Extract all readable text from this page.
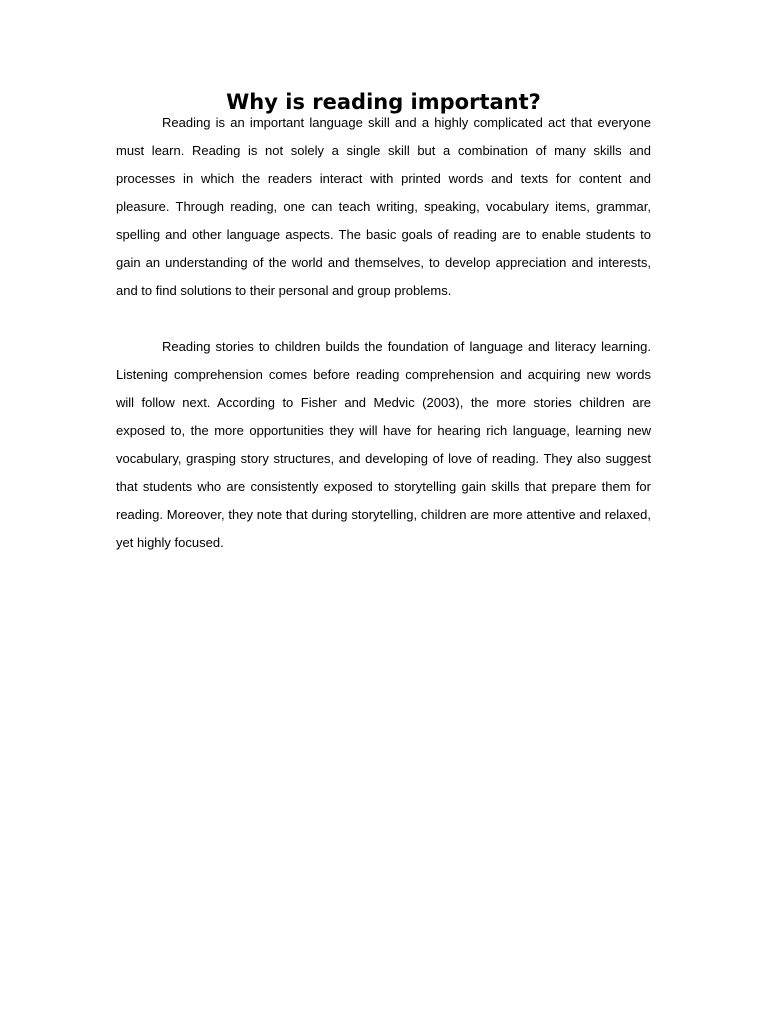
Why is reading important?

Reading is an important language skill and a highly complicated act that everyone must learn. Reading is not solely a single skill but a combination of many skills and processes in which the readers interact with printed words and texts for content and pleasure. Through reading, one can teach writing, speaking, vocabulary items, grammar, spelling and other language aspects. The basic goals of reading are to enable students to gain an understanding of the world and themselves, to develop appreciation and interests, and to find solutions to their personal and group problems.

Reading stories to children builds the foundation of language and literacy learning. Listening comprehension comes before reading comprehension and acquiring new words will follow next. According to Fisher and Medvic (2003), the more stories children are exposed to, the more opportunities they will have for hearing rich language, learning new vocabulary, grasping story structures, and developing of love of reading. They also suggest that students who are consistently exposed to storytelling gain skills that prepare them for reading. Moreover, they note that during storytelling, children are more attentive and relaxed, yet highly focused.
